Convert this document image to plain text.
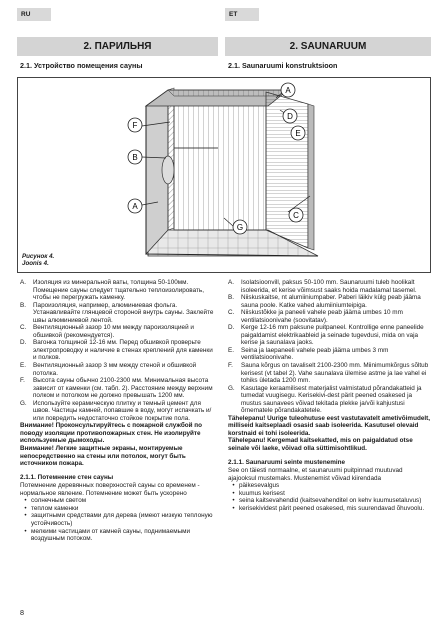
RU	ET
2. ПАРИЛЬНЯ	2. SAUNARUUM
2.1. Устройство помещения сауны	2.1. Saunaruumi konstruktsioon
A
D
E
C
F
B
A
G
Рисунок 4.
Joonis 4.
A.	Изоляция из минеральной ваты, толщина 50-100мм. Помещение сауны следует тщательно теплоизолировать, чтобы не перегружать каменку.
B.	Пароизоляция, например, алюминиевая фольга. Устанавливайте глянцевой стороной внутрь сауны. Заклейте швы алюминиевой лентой.
C.	Вентиляционный зазор 10 мм между пароизоляцией и обшивкой (рекомендуется).
D.	Вагонка толщиной 12-16 мм. Перед обшивкой проверьте электропроводку и наличие в стенах креплений для каменки и полков.
E.	Вентиляционный зазор 3 мм между стеной и обшивкой потолка.
F.	Высота сауны обычно 2100-2300 мм. Минимальная высота зависит от каменки (см. табл. 2). Расстояние между верхним полком и потолком не должно превышать 1200 мм.
G. Используйте керамическую плитку и темный цемент для швов. Частицы камней, попавшие в воду, могут испачкать и/или повредить недостаточно стойкое покрытие пола.
Внимание! Проконсультируйтесь с пожарной службой по поводу изоляции противопожарных стен. Не изолируйте используемые дымоходы.
Внимание! Легкие защитные экраны, монтируемые непосредственно на стены или потолок, могут быть источником пожара.
2.1.1. Потемнение стен сауны
Потемнение деревянных поверхностей сауны со временем - нормальное явление. Потемнение может быть ускорено
• солнечным светом
• теплом каменки
• защитными средствами для дерева (имеют низкую теплоную устойчивость)
• мелкими частицами от камней сауны, поднимаемыми воздушным потоком.
A.	Isolatsioonvill, paksus 50-100 mm. Saunaruumi tuleb hoolikalt isoleerida, et kerise võimsust saaks hoida madalamal tasemel.
B.	Niiskuskaitse, nt alumiiniumpaber. Paberi läikiv külg peab jääma sauna poole. Katke vahed alumiiniumteipiga.
C.	Niiskustõkke ja paneeli vahele peab jääma umbes 10 mm ventilatsioonivahe (soovitatav).
D.	Kerge 12-16 mm paksune puitpaneel. Kontrollige enne paneelide paigaldamist elektrikaableid ja seinade tugevdusi, mida on vaja kerise ja saunalava jaoks.
E.	Seina ja laepaneeli vahele peab jääma umbes 3 mm ventilatsioonivahe.
F.	Sauna kõrgus on tavaliselt 2100-2300 mm. Miinimumkõrgus sõltub kerisest (vt tabel 2). Vahe saunalava ülemise astme ja lae vahel ei tohiks ületada 1200 mm.
G. Kasutage keraamilisest materjalist valmistatud põrandakatteid ja tumedat vuugisegu. Kerisekivi-dest pärit peened osakesed ja mustus saunavees võivad tekitada plekke ja/või kahjustusi õrnematele põrandakatetele.
Tähelepanu! Uurige tuleohutuse eest vastutavatelt ametivõimudelt, milliseid kaitseplaadi osasid saab isoleerida. Kasutusel olevaid korstnaid ei tohi isoleerida.
Tähelepanu! Kergemad kaitsekatted, mis on paigaldatud otse seinale või laeke, võivad olla süttimisohtlikud.
2.1.1. Saunaruumi seinte mustenemine
See on täiesti normaalne, et saunaruumi puitpinnad muutuvad ajajooksul mustemaks. Mustenemist võivad kiirendada
• päikesevalgus
• kuumus kerisest
• seina kaitsevahendid (kaitsevahenditel on kehv kuumusetaluvus)
• kerisekividest pärit peened osakesed, mis suurendavad õhuvoolu.
8
